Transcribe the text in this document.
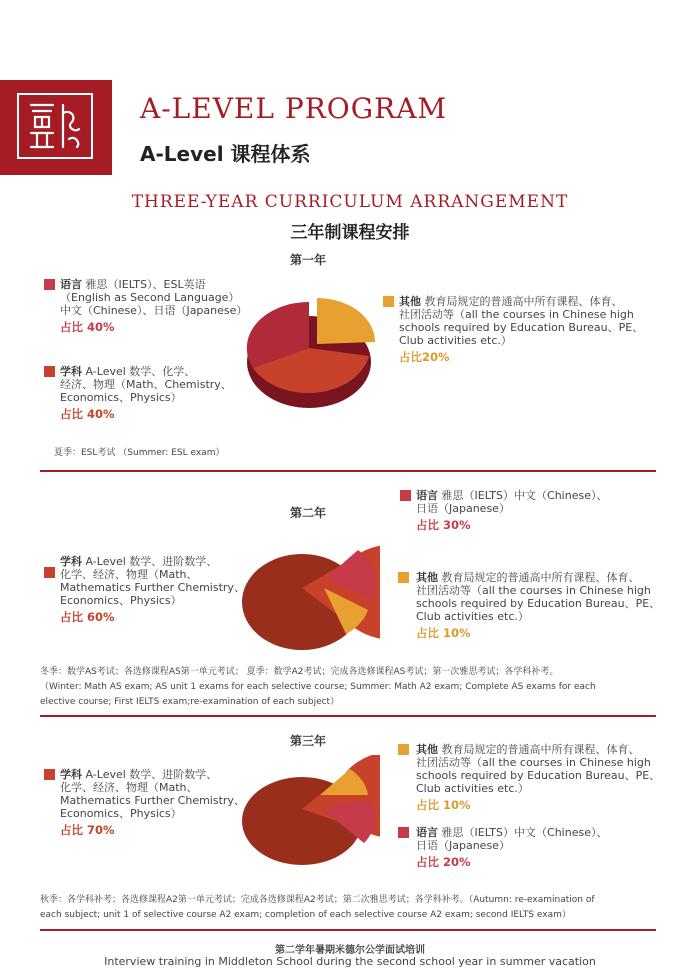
A-LEVEL PROGRAM
A-Level 课程体系
THREE-YEAR CURRICULUM ARRANGEMENT
三年制课程安排
第一年
语言 雅思（IELTS）、ESL英语
（English as Second Language）
中文（Chinese）、日语（Japanese）
占比 40%
学科 A-Level 数学、化学、
经济、物理（Math、Chemistry、
Economics、Physics）
占比 40%
其他 教育局规定的普通高中所有课程、体育、
社团活动等（all the courses in Chinese high
schools required by Education Bureau、PE、
Club activities etc.）
占比20%
夏季：ESL考试 （Summer: ESL exam）
第二年
语言 雅思（IELTS）中文（Chinese）、
日语（Japanese）
占比 30%
学科 A-Level 数学、进阶数学、
化学、经济、物理（Math、
Mathematics Further Chemistry、
Economics、Physics）
占比 60%
其他 教育局规定的普通高中所有课程、体育、
社团活动等（all the courses in Chinese high
schools required by Education Bureau、PE、
Club activities etc.）
占比 10%
冬季：数学AS考试；各选修课程AS第一单元考试； 夏季：数学A2考试；完成各选修课程AS考试；第一次雅思考试；各学科补考。
（Winter: Math AS exam; AS unit 1 exams for each selective course; Summer: Math A2 exam; Complete AS exams for each
elective course; First IELTS exam;re-examination of each subject）
第三年
学科 A-Level 数学、进阶数学、
化学、经济、物理（Math、
Mathematics Further Chemistry、
Economics、Physics）
占比 70%
其他 教育局规定的普通高中所有课程、体育、
社团活动等（all the courses in Chinese high
schools required by Education Bureau、PE、
Club activities etc.）
占比 10%
语言 雅思（IELTS）中文（Chinese）、
日语（Japanese）
占比 20%
秋季：各学科补考；各选修课程A2第一单元考试；完成各选修课程A2考试；第二次雅思考试；各学科补考。（Autumn: re-examination of
each subject; unit 1 of selective course A2 exam; completion of each selective course A2 exam; second IELTS exam）
第二学年暑期米德尔公学面试培训
Interview training in Middleton School during the second school year in summer vacation
